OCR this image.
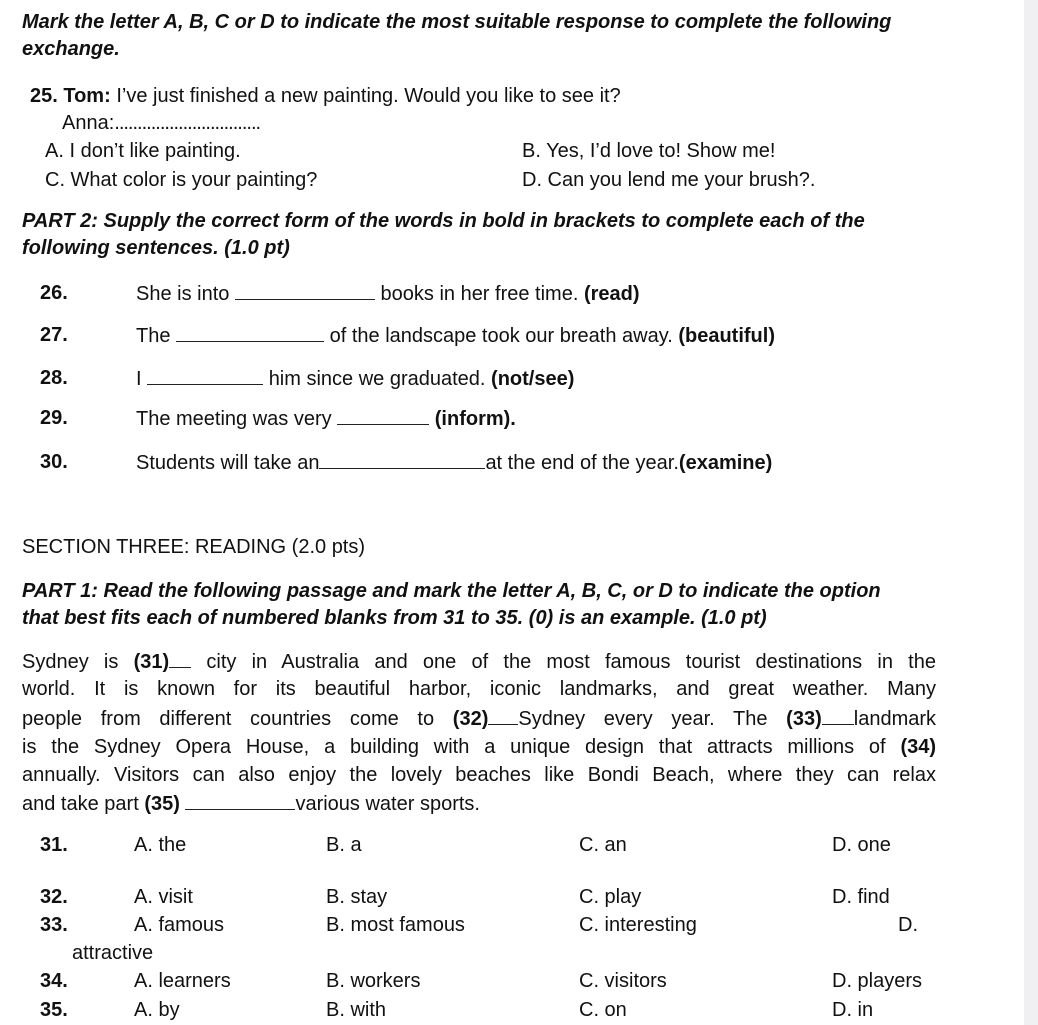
Mark the letter A, B, C or D to indicate the most suitable response to complete the following
exchange.
25. Tom: I’ve just finished a new painting. Would you like to see it?
Anna:................................
A. I don’t like painting.	B. Yes, I’d love to! Show me!
C. What color is your painting?	D. Can you lend me your brush?.
PART 2: Supply the correct form of the words in bold in brackets to complete each of the
following sentences. (1.0 pt)
26.	She is into	books in her free time. (read)
27.	The	of the landscape took our breath away. (beautiful)
28.	I	him since we graduated. (not/see)
29.	The meeting was very	(inform).
30.	Students will take an	at the end of the year.(examine)
SECTION THREE: READING (2.0 pts)
PART 1: Read the following passage and mark the letter A, B, C, or D to indicate the option
that best fits each of numbered blanks from 31 to 35. (0) is an example. (1.0 pt)
Sydney is (31) city in Australia and one of the most famous tourist destinations in the
world. It is known for its beautiful harbor, iconic landmarks, and great weather. Many
people from different countries come to (32) Sydney every year. The (33) landmark
is the Sydney Opera House, a building with a unique design that attracts millions of (34)
annually. Visitors can also enjoy the lovely beaches like Bondi Beach, where they can relax
and take part (35)	various water sports.
31.	A. the	B. a	C. an	D. one
32.	A. visit	B. stay	C. play	D. find
33.	A. famous	B. most famous	C. interesting	D.
attractive
34.	A. learners	B. workers	C. visitors	D. players
35.	A. by	B. with	C. on	D. in
